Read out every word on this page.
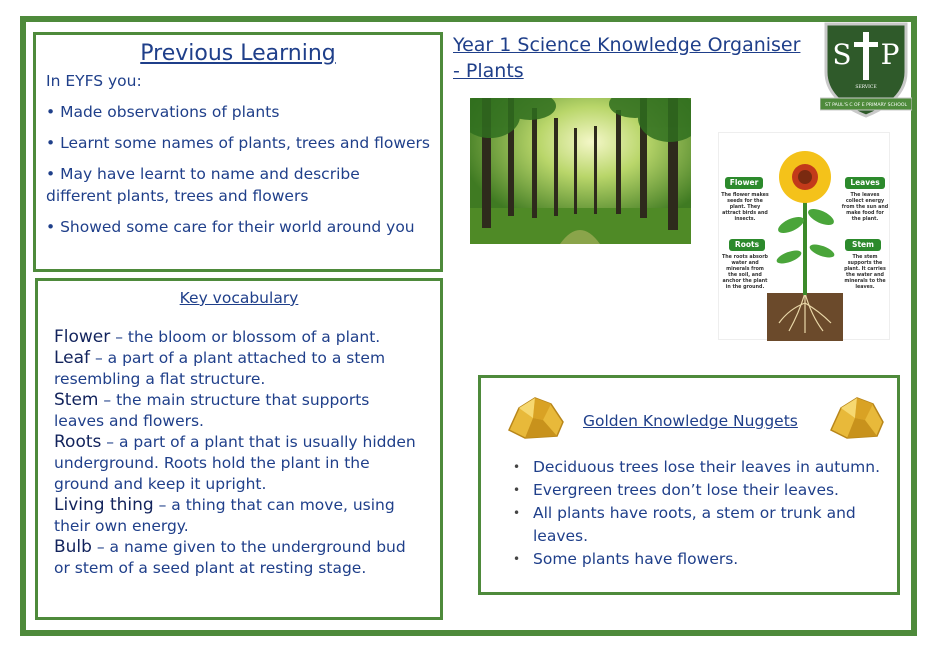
Year 1 Science Knowledge Organiser - Plants	S P
SERVICE
ST PAUL'S C OF E PRIMARY SCHOOL
Previous Learning
In EYFS you:
• Made observations of plants
• Learnt some names of plants, trees and flowers
• May have learnt to name and describe different plants, trees and flowers
• Showed some care for their world around you
Flower
The flower makes seeds for the plant. They attract birds and insects.
Leaves
The leaves collect energy from the sun and make food for the plant.
Roots
The roots absorb water and minerals from the soil, and anchor the plant in the ground.
Stem
The stem supports the plant. It carries the water and minerals to the leaves.
Key vocabulary
Flower – the bloom or blossom of a plant.
Leaf – a part of a plant attached to a stem resembling a flat structure.
Stem – the main structure that supports leaves and flowers.
Roots – a part of a plant that is usually hidden underground. Roots hold the plant in the ground and keep it upright.
Living thing – a thing that can move, using their own energy.
Bulb – a name given to the underground bud or stem of a seed plant at resting stage.
Golden Knowledge Nuggets
• Deciduous trees lose their leaves in autumn.
• Evergreen trees don’t lose their leaves.
• All plants have roots, a stem or trunk and leaves.
• Some plants have flowers.
